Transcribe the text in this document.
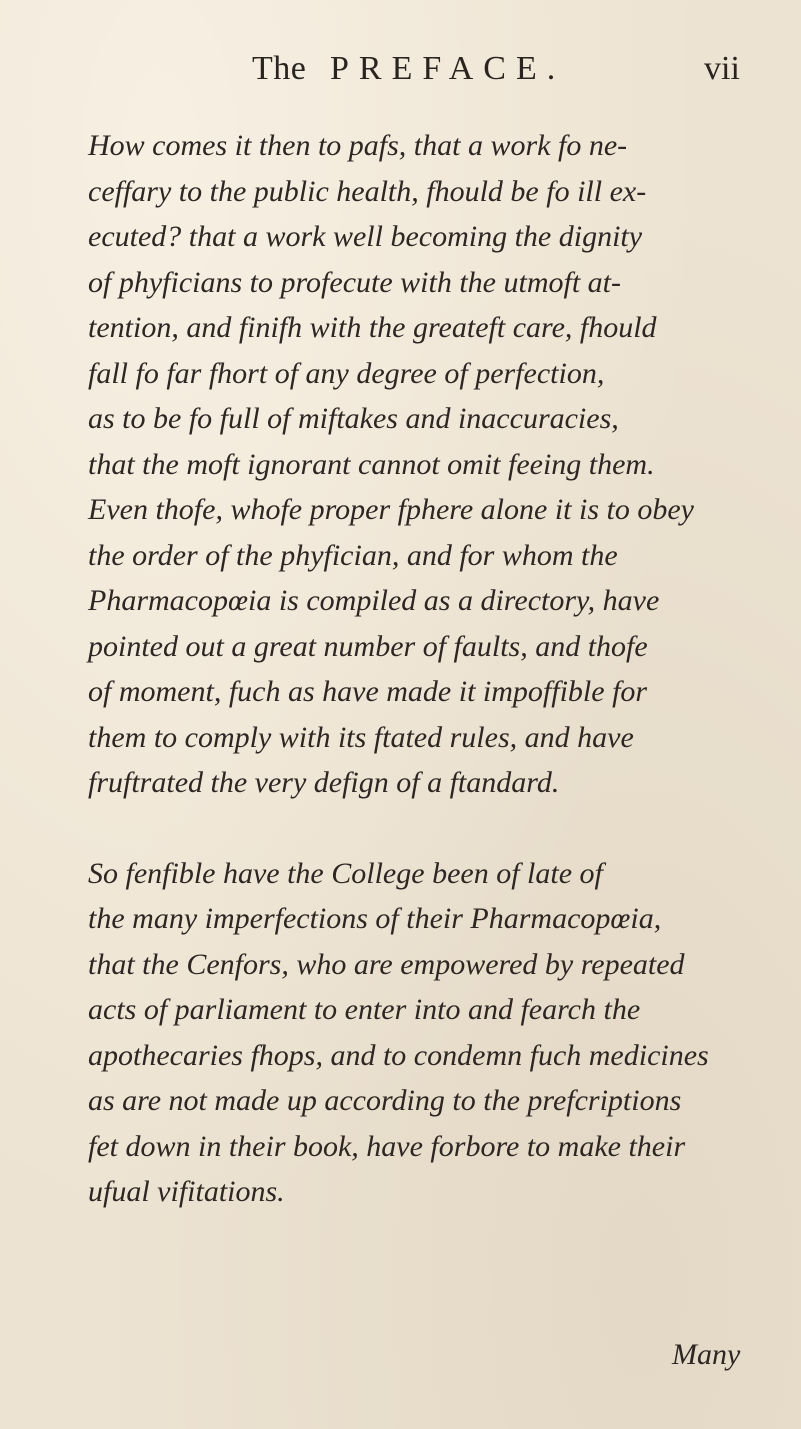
The PREFACE.	vii
How comes it then to pafs, that a work fo ne-
ceffary to the public health, fhould be fo ill ex-
ecuted? that a work well becoming the dignity
of phyficians to profecute with the utmoft at-
tention, and finifh with the greateft care, fhould
fall fo far fhort of any degree of perfection,
as to be fo full of miftakes and inaccuracies,
that the moft ignorant cannot omit feeing them.
Even thofe, whofe proper fphere alone it is to obey
the order of the phyfician, and for whom the
Pharmacopœia is compiled as a directory, have
pointed out a great number of faults, and thofe
of moment, fuch as have made it impoffible for
them to comply with its ftated rules, and have
fruftrated the very defign of a ftandard.
So fenfible have the College been of late of
the many imperfections of their Pharmacopœia,
that the Cenfors, who are empowered by repeated
acts of parliament to enter into and fearch the
apothecaries fhops, and to condemn fuch medicines
as are not made up according to the prefcriptions
fet down in their book, have forbore to make their
ufual vifitations.
Many
